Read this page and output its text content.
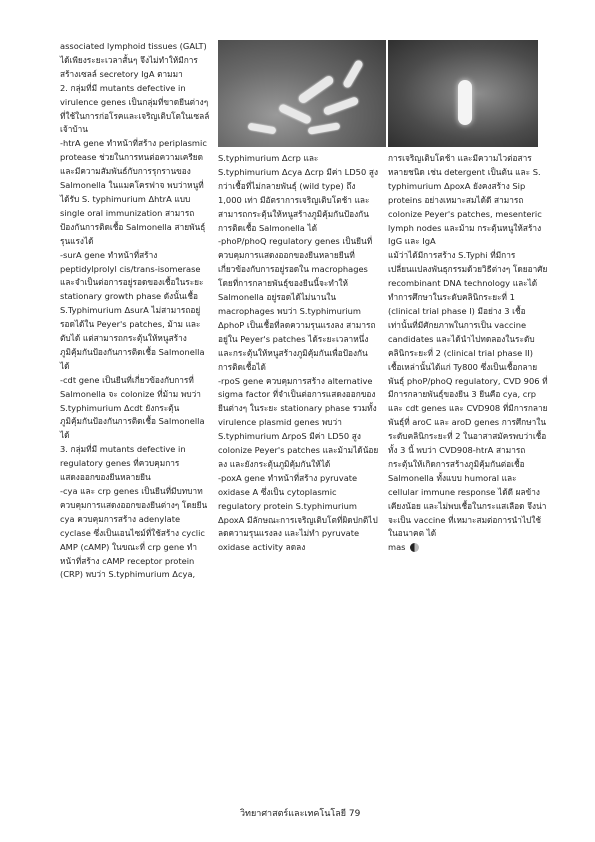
associated lymphoid tissues (GALT) ได้เพียงระยะเวลาสั้นๆ จึงไม่ทำให้มีการ สร้างเซลล์ secretory IgA ตามมา

2. กลุ่มที่มี mutants defective in virulence genes เป็นกลุ่มที่ขาดยีนต่างๆ ที่ใช้ในการก่อโรคและเจริญเติบโตในเซลล์เจ้าบ้าน

-htrA gene ทำหน้าที่สร้าง periplasmic protease ช่วยในการทนต่อความเครียด และมีความสัมพันธ์กับการรุกรานของ Salmonella ในแมคโครฟาจ พบว่าหนูที่ได้รับ S. typhimurium ΔhtrA แบบ single oral immunization สามารถป้องกันการติดเชื้อ Salmonella สายพันธุ์รุนแรงได้

-surA gene ทำหน้าที่สร้าง peptidylprolyl cis/trans-isomerase และจำเป็นต่อการอยู่รอดของเชื้อในระยะ stationary growth phase ดังนั้นเชื้อ S.Typhimurium ΔsurA ไม่สามารถอยู่รอดได้ใน Peyer's patches, ม้าม และตับได้ แต่สามารถกระตุ้นให้หนูสร้างภูมิคุ้มกันป้องกันการติดเชื้อ Salmonella ได้

-cdt gene เป็นยีนที่เกี่ยวข้องกับการที่ Salmonella จะ colonize ที่ม้าม พบว่า S.typhimurium Δcdt ยังกระตุ้นภูมิคุ้มกันป้องกันการติดเชื้อ Salmonella ได้

3. กลุ่มที่มี mutants defective in regulatory genes ที่ควบคุมการแสดงออกของยีนหลายยีน

-cya และ crp genes เป็นยีนที่มีบทบาทควบคุมการแสดงออกของยีนต่างๆ โดยยีน cya ควบคุมการสร้าง adenylate cyclase ซึ่งเป็นเอนไซม์ที่ใช้สร้าง cyclic AMP (cAMP) ในขณะที่ crp gene ทำหน้าที่สร้าง cAMP receptor protein (CRP) พบว่า S.typhimurium Δcya,

S.typhimurium Δcrp และ S.typhimurium Δcya Δcrp มีค่า LD50 สูงกว่าเชื้อที่ไม่กลายพันธุ์ (wild type) ถึง 1,000 เท่า มีอัตราการเจริญเติบโตช้า และสามารถกระตุ้นให้หนูสร้างภูมิคุ้มกันป้องกันการติดเชื้อ Salmonella ได้

-phoP/phoQ regulatory genes เป็นยีนที่ควบคุมการแสดงออกของยีนหลายยีนที่เกี่ยวข้องกับการอยู่รอดใน macrophages โดยที่การกลายพันธุ์ของยีนนี้จะทำให้ Salmonella อยู่รอดได้ไม่นานใน macrophages พบว่า S.typhimurium ΔphoP เป็นเชื้อที่ลดความรุนแรงลง สามารถอยู่ใน Peyer's patches ได้ระยะเวลาหนึ่งและกระตุ้นให้หนูสร้างภูมิคุ้มกันเพื่อป้องกันการติดเชื้อได้

-rpoS gene ควบคุมการสร้าง alternative sigma factor ที่จำเป็นต่อการแสดงออกของยีนต่างๆ ในระยะ stationary phase รวมทั้ง virulence plasmid genes พบว่า S.typhimurium ΔrpoS มีค่า LD50 สูง colonize Peyer's patches และม้ามได้น้อยลง และยังกระตุ้นภูมิคุ้มกันให้ได้

-poxA gene ทำหน้าที่สร้าง pyruvate oxidase A ซึ่งเป็น cytoplasmic regulatory protein S.typhimurium ΔpoxA มีลักษณะการเจริญเติบโตที่ผิดปกติไป ลดความรุนแรงลง และไม่ทำ pyruvate oxidase activity ลดลง

การเจริญเติบโตช้า และมีความไวต่อสารหลายชนิด เช่น detergent เป็นต้น และ S. typhimurium ΔpoxA ยังคงสร้าง Sip proteins อย่างเหมาะสมได้ดี สามารถ colonize Peyer's patches, mesenteric lymph nodes และม้าม กระตุ้นหนูให้สร้าง IgG และ IgA

แม้ว่าได้มีการสร้าง S.Typhi ที่มีการเปลี่ยนแปลงพันธุกรรมด้วยวิธีต่างๆ โดยอาศัย recombinant DNA technology และได้ทำการศึกษาในระดับคลินิกระยะที่ 1 (clinical trial phase I) มีอย่าง 3 เชื้อเท่านั้นที่มีศักยภาพในการเป็น vaccine candidates และได้นำไปทดลองในระดับคลินิกระยะที่ 2 (clinical trial phase II) เชื้อเหล่านั้นได้แก่ Ty800 ซึ่งเป็นเชื้อกลายพันธุ์ phoP/phoQ regulatory, CVD 906 ที่มีการกลายพันธุ์ของยีน 3 ยีนคือ cya, crp และ cdt genes และ CVD908 ที่มีการกลายพันธุ์ที่ aroC และ aroD genes การศึกษาในระดับคลินิกระยะที่ 2 ในอาสาสมัครพบว่าเชื้อทั้ง 3 นี้ พบว่า CVD908-htrA สามารถกระตุ้นให้เกิดการสร้างภูมิคุ้มกันต่อเชื้อ Salmonella ทั้งแบบ humoral และ cellular immune response ได้ดี ผลข้างเคียงน้อย และไม่พบเชื้อในกระแสเลือด จึงน่าจะเป็น vaccine ที่เหมาะสมต่อการนำไปใช้ในอนาคต ได้

mas

วิทยาศาสตร์และเทคโนโลยี 79
